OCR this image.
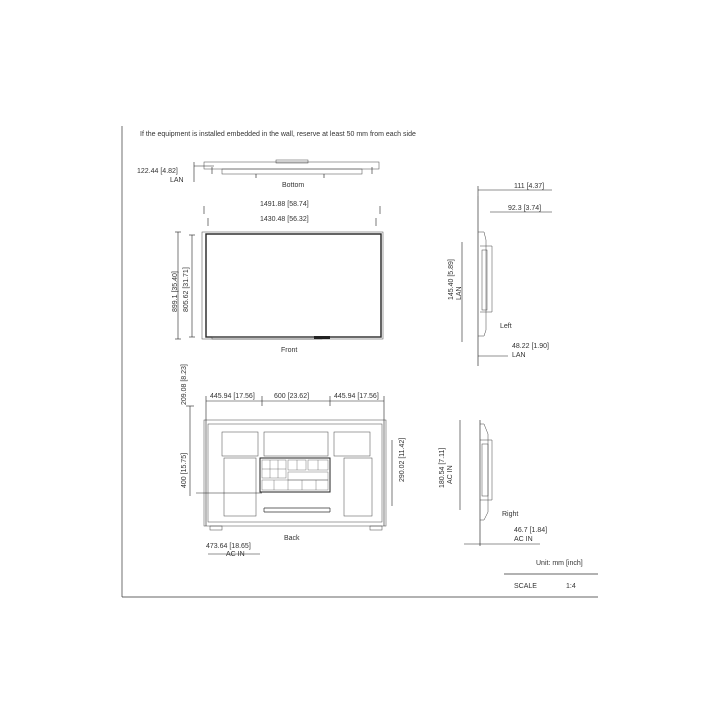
If the equipment is installed embedded in the wall, reserve at least 50 mm from each side
122.44 [4.82]
LAN
Bottom
1491.88 [58.74]
1430.48 [56.32]
899.1 [35.40] 805.62 [31.71]
Front
111 [4.37]
92.3 [3.74]
145.40 [5.89] LAN
Left
48.22 [1.90]
LAN
445.94 [17.56]	600 [23.62]	445.94 [17.56]
209.08 [8.23]
400 [15.75]	290.02 [11.42]
473.64 [18.65]
AC IN
Back
180.54 [7.11] AC IN
Right
46.7 [1.84]
AC IN
Unit: mm [inch]
SCALE	1:4
